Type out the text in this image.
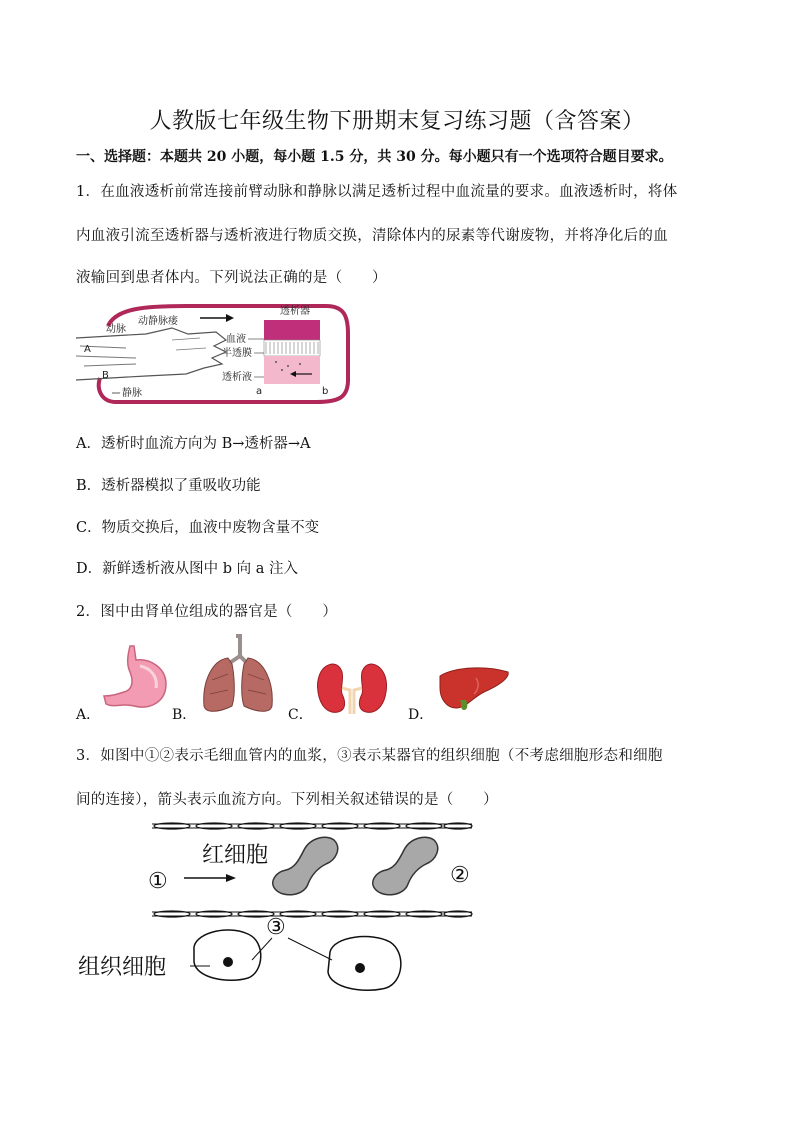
人教版七年级生物下册期末复习练习题（含答案）
一、选择题：本题共 20 小题，每小题 1.5 分，共 30 分。每小题只有一个选项符合题目要求。
1．在血液透析前常连接前臂动脉和静脉以满足透析过程中血流量的要求。血液透析时，将体
内血液引流至透析器与透析液进行物质交换，清除体内的尿素等代谢废物，并将净化后的血
液输回到患者体内。下列说法正确的是（　　）
动静脉瘘
动脉
A
B
静脉
透析器
血液
半透膜
透析液
a	b
A．透析时血流方向为 B→透析器→A
B．透析器模拟了重吸收功能
C．物质交换后，血液中废物含量不变
D．新鲜透析液从图中 b 向 a 注入
2．图中由肾单位组成的器官是（　　）
A．	B．	C．	D．
3．如图中①②表示毛细血管内的血浆，③表示某器官的组织细胞（不考虑细胞形态和细胞
间的连接），箭头表示血流方向。下列相关叙述错误的是（　　）
红细胞
①	②
③
组织细胞
